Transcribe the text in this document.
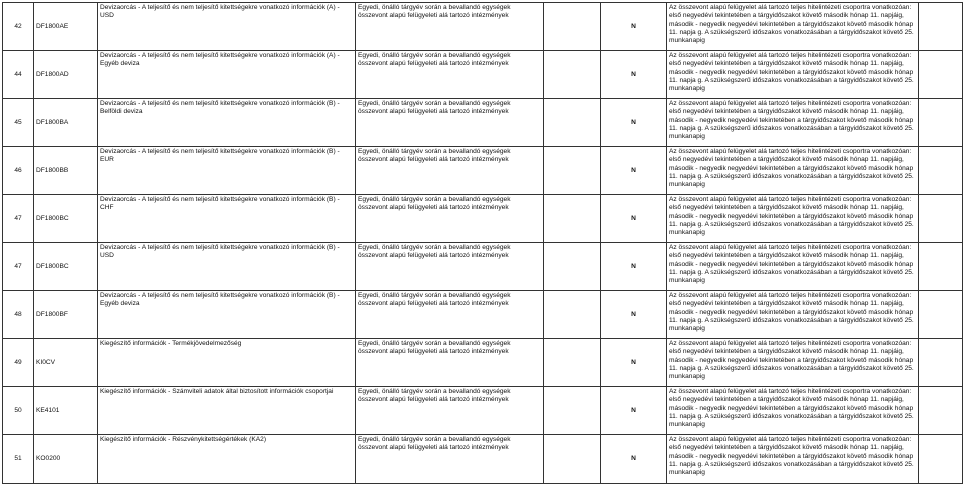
42	DF1800AE	Devizaorcás - A teljesítő és nem teljesítő kitettségekre vonatkozó információk (A) - USD	Egyedi, önálló tárgyév során a bevallandó egységek összevont alapú felügyeleti alá tartozó intézmények		N	Az összevont alapú felügyelet alá tartozó teljes hitelintézeti csoportra vonatkozóan: első negyedévi tekintetében a tárgyidőszakot követő második hónap 11. napjáig, második - negyedik negyedévi tekintetében a tárgyidőszakot követő második hónap 11. napja g. A szükségszerű időszakos vonatkozásában a tárgyidőszakot követő 25. munkanapig	
44	DF1800AD	Devizaorcás - A teljesítő és nem teljesítő kitettségekre vonatkozó információk (A) - Egyéb deviza	Egyedi, önálló tárgyév során a bevallandó egységek összevont alapú felügyeleti alá tartozó intézmények		N	Az összevont alapú felügyelet alá tartozó teljes hitelintézeti csoportra vonatkozóan: első negyedévi tekintetében a tárgyidőszakot követő második hónap 11. napjáig, második - negyedik negyedévi tekintetében a tárgyidőszakot követő második hónap 11. napja g. A szükségszerű időszakos vonatkozásában a tárgyidőszakot követő 25. munkanapig	
45	DF1800BA	Devizaorcás - A teljesítő és nem teljesítő kitettségekre vonatkozó információk (B) - Belföldi deviza	Egyedi, önálló tárgyév során a bevallandó egységek összevont alapú felügyeleti alá tartozó intézmények		N	Az összevont alapú felügyelet alá tartozó teljes hitelintézeti csoportra vonatkozóan: első negyedévi tekintetében a tárgyidőszakot követő második hónap 11. napjáig, második - negyedik negyedévi tekintetében a tárgyidőszakot követő második hónap 11. napja g. A szükségszerű időszakos vonatkozásában a tárgyidőszakot követő 25. munkanapig	
46	DF1800BB	Devizaorcás - A teljesítő és nem teljesítő kitettségekre vonatkozó információk (B) - EUR	Egyedi, önálló tárgyév során a bevallandó egységek összevont alapú felügyeleti alá tartozó intézmények		N	Az összevont alapú felügyelet alá tartozó teljes hitelintézeti csoportra vonatkozóan: első negyedévi tekintetében a tárgyidőszakot követő második hónap 11. napjáig, második - negyedik negyedévi tekintetében a tárgyidőszakot követő második hónap 11. napja g. A szükségszerű időszakos vonatkozásában a tárgyidőszakot követő 25. munkanapig	
47	DF1800BC	Devizaorcás - A teljesítő és nem teljesítő kitettségekre vonatkozó információk (B) - CHF	Egyedi, önálló tárgyév során a bevallandó egységek összevont alapú felügyeleti alá tartozó intézmények		N	Az összevont alapú felügyelet alá tartozó teljes hitelintézeti csoportra vonatkozóan: első negyedévi tekintetében a tárgyidőszakot követő második hónap 11. napjáig, második - negyedik negyedévi tekintetében a tárgyidőszakot követő második hónap 11. napja g. A szükségszerű időszakos vonatkozásában a tárgyidőszakot követő 25. munkanapig	
47	DF1800BC	Devizaorcás - A teljesítő és nem teljesítő kitettségekre vonatkozó információk (B) - USD	Egyedi, önálló tárgyév során a bevallandó egységek összevont alapú felügyeleti alá tartozó intézmények		N	Az összevont alapú felügyelet alá tartozó teljes hitelintézeti csoportra vonatkozóan: első negyedévi tekintetében a tárgyidőszakot követő második hónap 11. napjáig, második - negyedik negyedévi tekintetében a tárgyidőszakot követő második hónap 11. napja g. A szükségszerű időszakos vonatkozásában a tárgyidőszakot követő 25. munkanapig	
48	DF1800BF	Devizaorcás - A teljesítő és nem teljesítő kitettségekre vonatkozó információk (B) - Egyéb deviza	Egyedi, önálló tárgyév során a bevallandó egységek összevont alapú felügyeleti alá tartozó intézmények		N	Az összevont alapú felügyelet alá tartozó teljes hitelintézeti csoportra vonatkozóan: első negyedévi tekintetében a tárgyidőszakot követő második hónap 11. napjáig, második - negyedik negyedévi tekintetében a tárgyidőszakot követő második hónap 11. napja g. A szükségszerű időszakos vonatkozásában a tárgyidőszakot követő 25. munkanapig	
49	KI0CV	Kiegészítő információk - Termékjövedelmezőség	Egyedi, önálló tárgyév során a bevallandó egységek összevont alapú felügyeleti alá tartozó intézmények		N	Az összevont alapú felügyelet alá tartozó teljes hitelintézeti csoportra vonatkozóan: első negyedévi tekintetében a tárgyidőszakot követő második hónap 11. napjáig, második - negyedik negyedévi tekintetében a tárgyidőszakot követő második hónap 11. napja g. A szükségszerű időszakos vonatkozásában a tárgyidőszakot követő 25. munkanapig	
50	KE4101	Kiegészítő információk - Számviteli adatok által biztosított információk csoportjai	Egyedi, önálló tárgyév során a bevallandó egységek összevont alapú felügyeleti alá tartozó intézmények		N	Az összevont alapú felügyelet alá tartozó teljes hitelintézeti csoportra vonatkozóan: első negyedévi tekintetében a tárgyidőszakot követő második hónap 11. napjáig, második - negyedik negyedévi tekintetében a tárgyidőszakot követő második hónap 11. napja g. A szükségszerű időszakos vonatkozásában a tárgyidőszakot követő 25. munkanapig	
51	KO0200	Kiegészítő információk - Részvénykitettségértékek (KA2)	Egyedi, önálló tárgyév során a bevallandó egységek összevont alapú felügyeleti alá tartozó intézmények		N	Az összevont alapú felügyelet alá tartozó teljes hitelintézeti csoportra vonatkozóan: első negyedévi tekintetében a tárgyidőszakot követő második hónap 11. napjáig, második - negyedik negyedévi tekintetében a tárgyidőszakot követő második hónap 11. napja g. A szükségszerű időszakos vonatkozásában a tárgyidőszakot követő 25. munkanapig	
